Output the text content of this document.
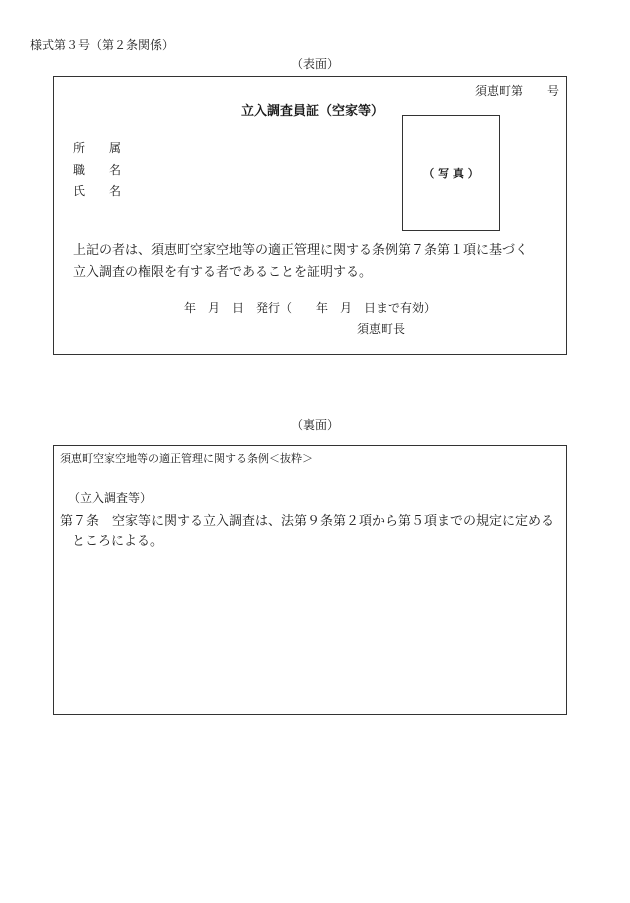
様式第３号（第２条関係）
（表面）
須恵町第　　号
立入調査員証（空家等）
所　　属
職　　名
氏　　名
（ 写 真 ）
上記の者は、須恵町空家空地等の適正管理に関する条例第７条第１項に基づく
立入調査の権限を有する者であることを証明する。
年　月　日　発行（　　年　月　日まで有効）
須恵町長
（裏面）
須恵町空家空地等の適正管理に関する条例＜抜粋＞
（立入調査等）
第７条　空家等に関する立入調査は、法第９条第２項から第５項までの規定に定める
ところによる。
